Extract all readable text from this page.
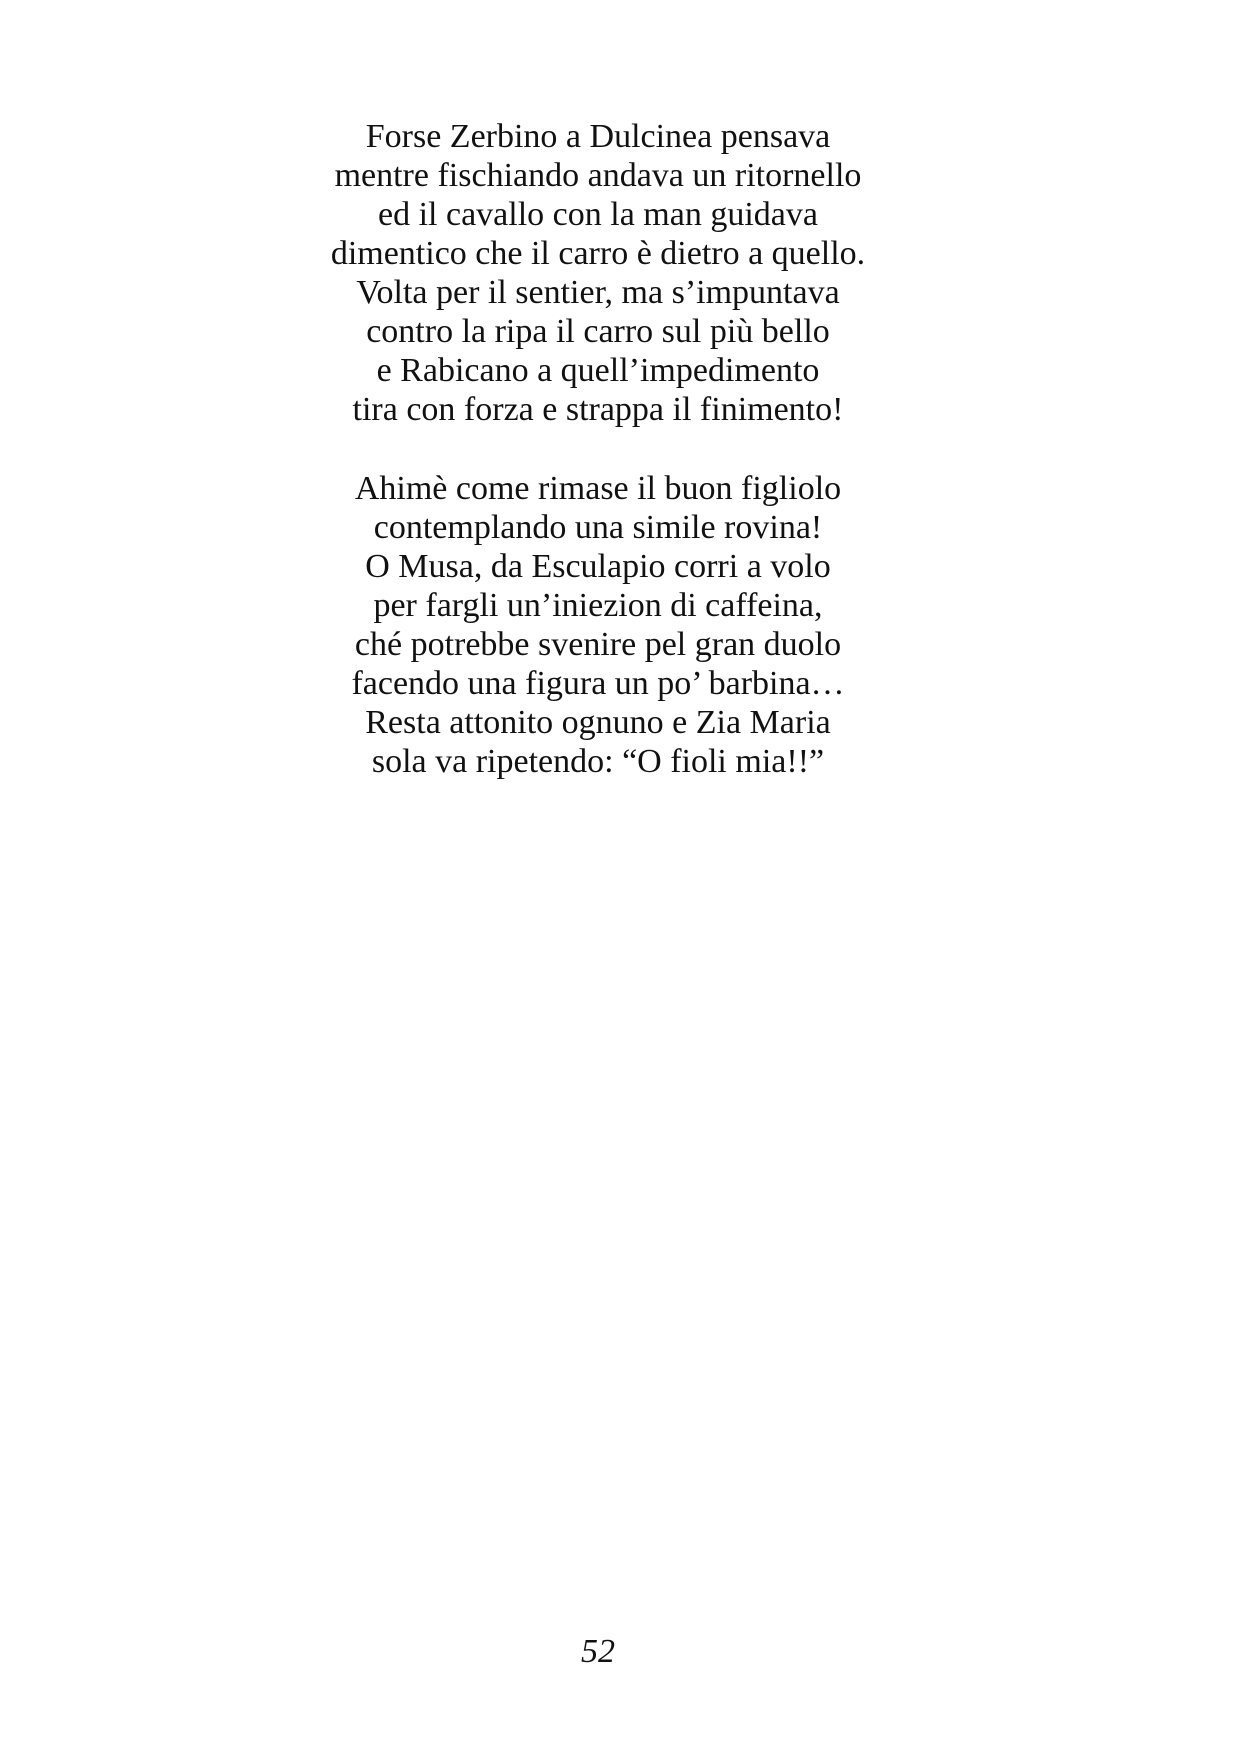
Forse Zerbino a Dulcinea pensava
mentre fischiando andava un ritornello
ed il cavallo con la man guidava
dimentico che il carro è dietro a quello.
Volta per il sentier, ma s’impuntava
contro la ripa il carro sul più bello
e Rabicano a quell’impedimento
tira con forza e strappa il finimento!

Ahimè come rimase il buon figliolo
contemplando una simile rovina!
O Musa, da Esculapio corri a volo
per fargli un’iniezion di caffeina,
ché potrebbe svenire pel gran duolo
facendo una figura un po’ barbina…
Resta attonito ognuno e Zia Maria
sola va ripetendo: “O fioli mia!!”

52
